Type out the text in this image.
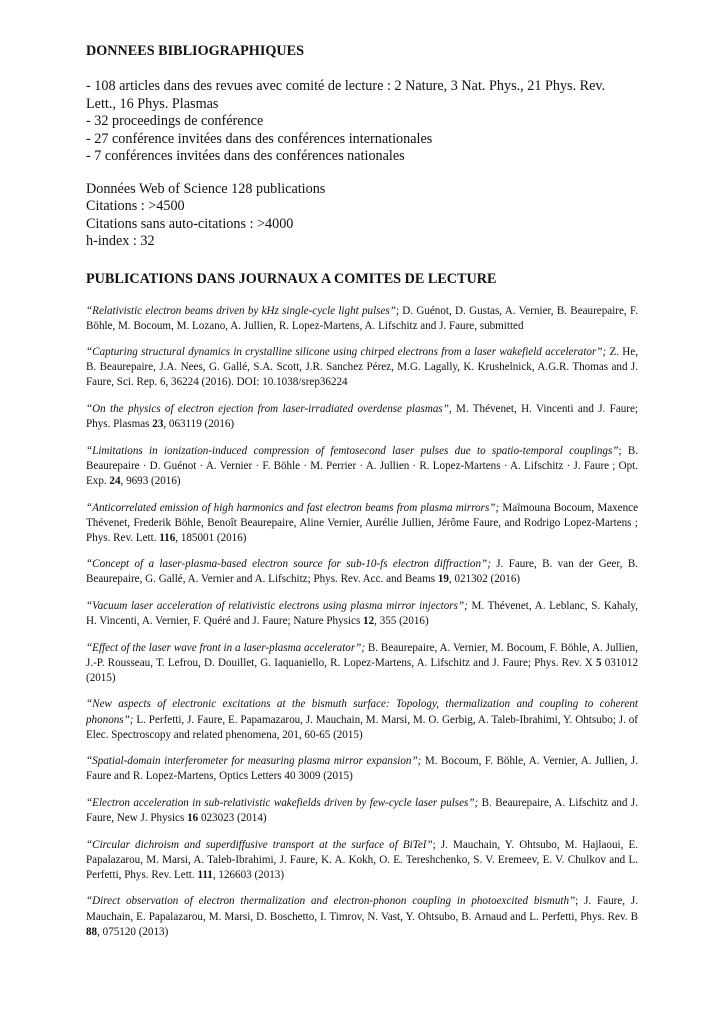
DONNEES BIBLIOGRAPHIQUES
- 108 articles dans des revues avec comité de lecture : 2 Nature, 3 Nat. Phys., 21 Phys. Rev. Lett., 16 Phys. Plasmas
- 32 proceedings de conférence
- 27 conférence invitées dans des conférences internationales
- 7 conférences invitées dans des conférences nationales
Données Web of Science 128 publications
Citations : >4500
Citations sans auto-citations : >4000
h-index : 32
PUBLICATIONS DANS JOURNAUX A COMITES DE LECTURE
“Relativistic electron beams driven by kHz single-cycle light pulses”; D. Guénot, D. Gustas, A. Vernier, B. Beaurepaire, F. Böhle, M. Bocoum, M. Lozano, A. Jullien, R. Lopez-Martens, A. Lifschitz and J. Faure, submitted
“Capturing structural dynamics in crystalline silicone using chirped electrons from a laser wakefield accelerator”; Z. He, B. Beaurepaire, J.A. Nees, G. Gallé, S.A. Scott, J.R. Sanchez Pérez, M.G. Lagally, K. Krushelnick, A.G.R. Thomas and J. Faure, Sci. Rep. 6, 36224 (2016). DOI: 10.1038/srep36224
“On the physics of electron ejection from laser-irradiated overdense plasmas”, M. Thévenet, H. Vincenti and J. Faure; Phys. Plasmas 23, 063119 (2016)
“Limitations in ionization-induced compression of femtosecond laser pulses due to spatio-temporal couplings”; B. Beaurepaire · D. Guénot · A. Vernier · F. Böhle · M. Perrier · A. Jullien · R. Lopez-Martens · A. Lifschitz · J. Faure ; Opt. Exp. 24, 9693 (2016)
“Anticorrelated emission of high harmonics and fast electron beams from plasma mirrors”; Maïmouna Bocoum, Maxence Thévenet, Frederik Böhle, Benoît Beaurepaire, Aline Vernier, Aurélie Jullien, Jérôme Faure, and Rodrigo Lopez-Martens ; Phys. Rev. Lett. 116, 185001 (2016)
“Concept of a laser-plasma-based electron source for sub-10-fs electron diffraction”; J. Faure, B. van der Geer, B. Beaurepaire, G. Gallé, A. Vernier and A. Lifschitz; Phys. Rev. Acc. and Beams 19, 021302 (2016)
“Vacuum laser acceleration of relativistic electrons using plasma mirror injectors”; M. Thévenet, A. Leblanc, S. Kahaly, H. Vincenti, A. Vernier, F. Quéré and J. Faure; Nature Physics 12, 355 (2016)
“Effect of the laser wave front in a laser-plasma accelerator”; B. Beaurepaire, A. Vernier, M. Bocoum, F. Böhle, A. Jullien, J.-P. Rousseau, T. Lefrou, D. Douillet, G. Iaquaniello, R. Lopez-Martens, A. Lifschitz and J. Faure; Phys. Rev. X 5 031012 (2015)
“New aspects of electronic excitations at the bismuth surface: Topology, thermalization and coupling to coherent phonons”; L. Perfetti, J. Faure, E. Papamazarou, J. Mauchain, M. Marsi, M. O. Gerbig, A. Taleb-Ibrahimi, Y. Ohtsubo; J. of Elec. Spectroscopy and related phenomena, 201, 60-65 (2015)
“Spatial-domain interferometer for measuring plasma mirror expansion”; M. Bocoum, F. Böhle, A. Vernier, A. Jullien, J. Faure and R. Lopez-Martens, Optics Letters 40 3009 (2015)
“Electron acceleration in sub-relativistic wakefields driven by few-cycle laser pulses”; B. Beaurepaire, A. Lifschitz and J. Faure, New J. Physics 16 023023 (2014)
“Circular dichroism and superdiffusive transport at the surface of BiTeI”; J. Mauchain, Y. Ohtsubo, M. Hajlaoui, E. Papalazarou, M. Marsi, A. Taleb-Ibrahimi, J. Faure, K. A. Kokh, O. E. Tereshchenko, S. V. Eremeev, E. V. Chulkov and L. Perfetti, Phys. Rev. Lett. 111, 126603 (2013)
“Direct observation of electron thermalization and electron-phonon coupling in photoexcited bismuth”; J. Faure, J. Mauchain, E. Papalazarou, M. Marsi, D. Boschetto, I. Timrov, N. Vast, Y. Ohtsubo, B. Arnaud and L. Perfetti, Phys. Rev. B 88, 075120 (2013)
